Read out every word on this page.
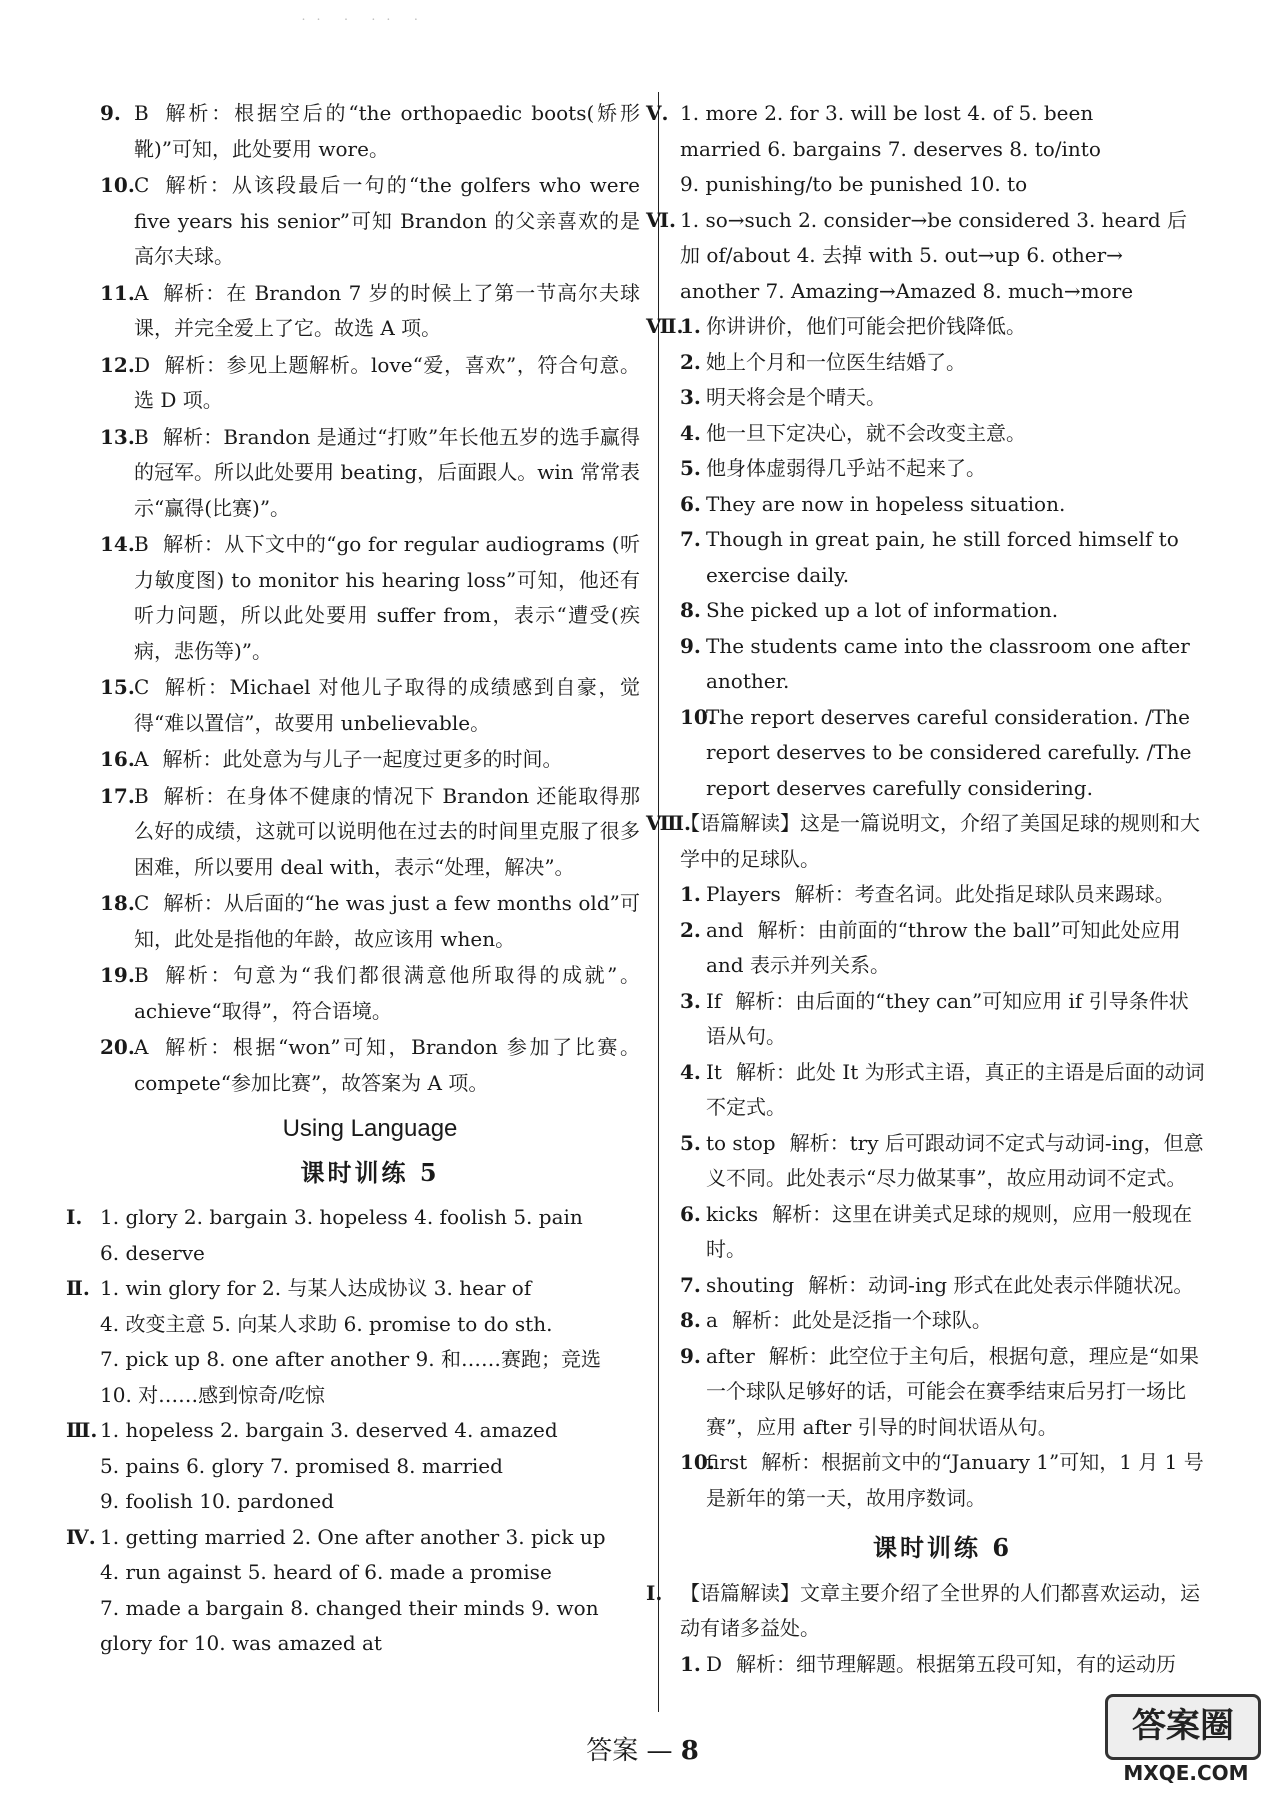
˙˙ ˙ ˙˙ ˙
9. B 解析：根据空后的“the orthopaedic boots(矫形靴)”可知，此处要用 wore。
10. C 解析：从该段最后一句的“the golfers who were five years his senior”可知 Brandon 的父亲喜欢的是高尔夫球。
11. A 解析：在 Brandon 7 岁的时候上了第一节高尔夫球课，并完全爱上了它。故选 A 项。
12. D 解析：参见上题解析。love“爱，喜欢”，符合句意。选 D 项。
13. B 解析：Brandon 是通过“打败”年长他五岁的选手赢得的冠军。所以此处要用 beating，后面跟人。win 常常表示“赢得(比赛)”。
14. B 解析：从下文中的“go for regular audiograms (听力敏度图) to monitor his hearing loss”可知，他还有听力问题，所以此处要用 suffer from，表示“遭受(疾病，悲伤等)”。
15. C 解析：Michael 对他儿子取得的成绩感到自豪，觉得“难以置信”，故要用 unbelievable。
16. A 解析：此处意为与儿子一起度过更多的时间。
17. B 解析：在身体不健康的情况下 Brandon 还能取得那么好的成绩，这就可以说明他在过去的时间里克服了很多困难，所以要用 deal with，表示“处理，解决”。
18. C 解析：从后面的“he was just a few months old”可知，此处是指他的年龄，故应该用 when。
19. B 解析：句意为“我们都很满意他所取得的成就”。achieve“取得”，符合语境。
20. A 解析：根据“won”可知，Brandon 参加了比赛。compete“参加比赛”，故答案为 A 项。
Using Language
课时训练 5
Ⅰ. 1. glory 2. bargain 3. hopeless 4. foolish 5. pain
6. deserve
Ⅱ. 1. win glory for 2. 与某人达成协议 3. hear of
4. 改变主意 5. 向某人求助 6. promise to do sth.
7. pick up 8. one after another 9. 和……赛跑；竞选
10. 对……感到惊奇/吃惊
Ⅲ. 1. hopeless 2. bargain 3. deserved 4. amazed
5. pains 6. glory 7. promised 8. married
9. foolish 10. pardoned
Ⅳ. 1. getting married 2. One after another 3. pick up
4. run against 5. heard of 6. made a promise
7. made a bargain 8. changed their minds 9. won
glory for 10. was amazed at
Ⅴ. 1. more 2. for 3. will be lost 4. of 5. been
married 6. bargains 7. deserves 8. to/into
9. punishing/to be punished 10. to
Ⅵ. 1. so→such 2. consider→be considered 3. heard 后
加 of/about 4. 去掉 with 5. out→up 6. other→
another 7. Amazing→Amazed 8. much→more
Ⅶ.
1. 你讲讲价，他们可能会把价钱降低。
2. 她上个月和一位医生结婚了。
3. 明天将会是个晴天。
4. 他一旦下定决心，就不会改变主意。
5. 他身体虚弱得几乎站不起来了。
6. They are now in hopeless situation.
7. Though in great pain, he still forced himself to exercise daily.
8. She picked up a lot of information.
9. The students came into the classroom one after another.
10.
The report deserves careful consideration. /The report deserves to be considered carefully. /The report deserves carefully considering.
Ⅷ.
【语篇解读】这是一篇说明文，介绍了美国足球的规则和大学中的足球队。
1. Players 解析：考查名词。此处指足球队员来踢球。
2. and 解析：由前面的“throw the ball”可知此处应用 and 表示并列关系。
3. If 解析：由后面的“they can”可知应用 if 引导条件状语从句。
4. It 解析：此处 It 为形式主语，真正的主语是后面的动词不定式。
5. to stop 解析：try 后可跟动词不定式与动词-ing，但意义不同。此处表示“尽力做某事”，故应用动词不定式。
6. kicks 解析：这里在讲美式足球的规则，应用一般现在时。
7. shouting 解析：动词-ing 形式在此处表示伴随状况。
8. a 解析：此处是泛指一个球队。
9. after 解析：此空位于主句后，根据句意，理应是“如果一个球队足够好的话，可能会在赛季结束后另打一场比赛”，应用 after 引导的时间状语从句。
10.
first 解析：根据前文中的“January 1”可知，1 月 1 号是新年的第一天，故用序数词。
课时训练 6
Ⅰ. 【语篇解读】文章主要介绍了全世界的人们都喜欢运动，运动有诸多益处。
1. D 解析：细节理解题。根据第五段可知，有的运动历
答案 — 8
答案圈
MXQE.COM
